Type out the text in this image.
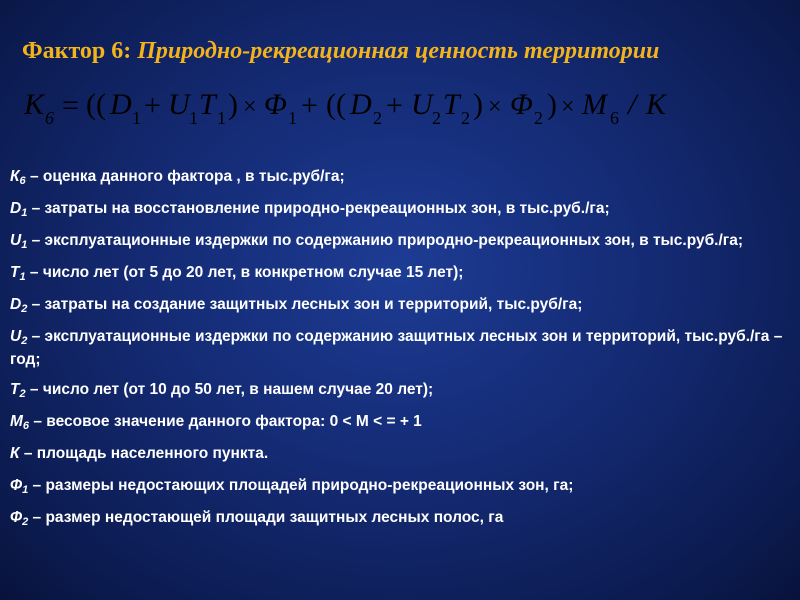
Фактор 6: Природно-рекреационная ценность территории
K 6 = (( D 1 + U 1 T 1 ) × Φ 1 + (( D 2 + U 2 T 2 ) × Φ 2 ) × M 6 / K
К6 – оценка данного фактора , в тыс.руб/га;
D1 – затраты на восстановление природно-рекреационных зон, в тыс.руб./га;
U1 – эксплуатационные издержки по содержанию природно-рекреационных зон, в тыс.руб./га;
T1 – число лет (от 5 до 20 лет, в конкретном случае 15 лет);
D2 – затраты на создание защитных лесных зон и территорий, тыс.руб/га;
U2 – эксплуатационные издержки по содержанию защитных лесных зон и территорий, тыс.руб./га – год;
T2 – число лет (от 10 до 50 лет, в нашем случае 20 лет);
M6 – весовое значение данного фактора: 0 < M < = + 1
К – площадь населенного пункта.
Ф1 – размеры недостающих площадей природно-рекреационных зон, га;
Ф2 – размер недостающей площади защитных лесных полос, га
